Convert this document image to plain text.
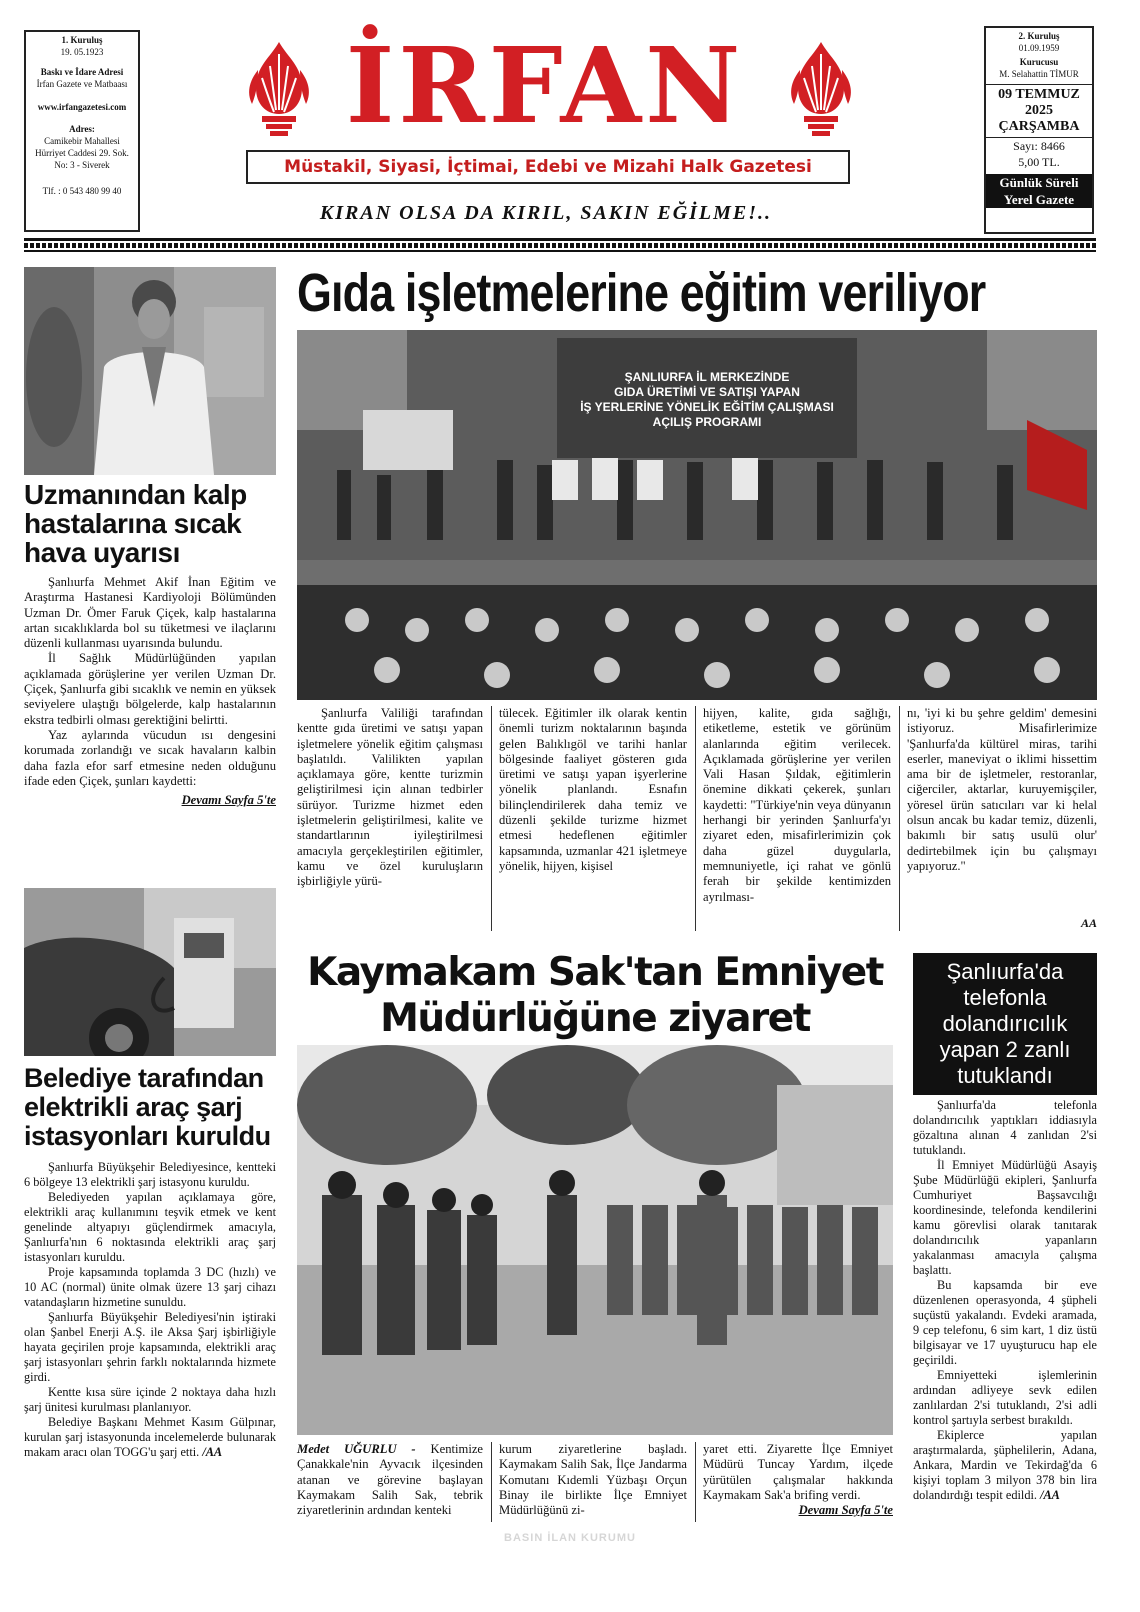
1. Kuruluş
19. 05.1923
Baskı ve İdare Adresi
İrfan Gazete ve Matbaası
www.irfangazetesi.com
Adres:
Camikebir Mahallesi
Hürriyet Caddesi 29. Sok.
No: 3 - Siverek
Tlf. : 0 543 480 99 40
İRFAN
Müstakil, Siyasi, İçtimai, Edebi ve Mizahi Halk Gazetesi
KIRAN OLSA DA KIRIL, SAKIN EĞİLME!..
2. Kuruluş
01.09.1959
Kurucusu
M. Selahattin TİMUR
09 TEMMUZ
2025
ÇARŞAMBA
Sayı: 8466
5,00 TL.
Günlük Süreli
Yerel Gazete
Uzmanından kalp hastalarına sıcak hava uyarısı

Şanlıurfa Mehmet Akif İnan Eğitim ve Araştırma Hastanesi Kardiyoloji Bölümünden Uzman Dr. Ömer Faruk Çiçek, kalp hastalarına artan sıcaklıklarda bol su tüketmesi ve ilaçlarını düzenli kullanması uyarısında bulundu.

İl Sağlık Müdürlüğünden yapılan açıklamada görüşlerine yer verilen Uzman Dr. Çiçek, Şanlıurfa gibi sıcaklık ve nemin en yüksek seviyelere ulaştığı bölgelerde, kalp hastalarının ekstra tedbirli olması gerektiğini belirtti.

Yaz aylarında vücudun ısı dengesini korumada zorlandığı ve sıcak havaların kalbin daha fazla efor sarf etmesine neden olduğunu ifade eden Çiçek, şunları kaydetti:

Devamı Sayfa 5'te

Belediye tarafından elektrikli araç şarj istasyonları kuruldu

Şanlıurfa Büyükşehir Belediyesince, kentteki 6 bölgeye 13 elektrikli şarj istasyonu kuruldu.

Belediyeden yapılan açıklamaya göre, elektrikli araç kullanımını teşvik etmek ve kent genelinde altyapıyı güçlendirmek amacıyla, Şanlıurfa'nın 6 noktasında elektrikli araç şarj istasyonları kuruldu.

Proje kapsamında toplamda 3 DC (hızlı) ve 10 AC (normal) ünite olmak üzere 13 şarj cihazı vatandaşların hizmetine sunuldu.

Şanlıurfa Büyükşehir Belediyesi'nin iştiraki olan Şanbel Enerji A.Ş. ile Aksa Şarj işbirliğiyle hayata geçirilen proje kapsamında, elektrikli araç şarj istasyonları şehrin farklı noktalarında hizmete girdi.

Kentte kısa süre içinde 2 noktaya daha hızlı şarj ünitesi kurulması planlanıyor.

Belediye Başkanı Mehmet Kasım Gülpınar, kurulan şarj istasyonunda incelemelerde bulunarak makam aracı olan TOGG'u şarj etti. /AA

Gıda işletmelerine eğitim veriliyor
ŞANLIURFA İL MERKEZİNDE
GIDA ÜRETİMİ VE SATIŞI YAPAN
İŞ YERLERİNE YÖNELİK EĞİTİM ÇALIŞMASI
AÇILIŞ PROGRAMI

Şanlıurfa Valiliği tarafından kentte gıda üretimi ve satışı yapan işletmelere yönelik eğitim çalışması başlatıldı. Valilikten yapılan açıklamaya göre, kentte turizmin geliştirilmesi için alınan tedbirler sürüyor. Turizme hizmet eden işletmelerin geliştirilmesi, kalite ve standartlarının iyileştirilmesi amacıyla gerçekleştirilen eğitimler, kamu ve özel kuruluşların işbirliğiyle yürü-

tülecek. Eğitimler ilk olarak kentin önemli turizm noktalarının başında gelen Balıklıgöl ve tarihi hanlar bölgesinde faaliyet gösteren gıda üretimi ve satışı yapan işyerlerine yönelik planlandı. Esnafın bilinçlendirilerek daha temiz ve düzenli şekilde turizme hizmet etmesi hedeflenen eğitimler kapsamında, uzmanlar 421 işletmeye yönelik, hijyen, kişisel

hijyen, kalite, gıda sağlığı, etiketleme, estetik ve görünüm alanlarında eğitim verilecek. Açıklamada görüşlerine yer verilen Vali Hasan Şıldak, eğitimlerin önemine dikkati çekerek, şunları kaydetti: "Türkiye'nin veya dünyanın herhangi bir yerinden Şanlıurfa'yı ziyaret eden, misafirlerimizin çok daha güzel duygularla, memnuniyetle, içi rahat ve gönlü ferah bir şekilde kentimizden ayrılması-

nı, 'iyi ki bu şehre geldim' demesini istiyoruz. Misafirlerimize 'Şanlıurfa'da kültürel miras, tarihi eserler, maneviyat o iklimi hissettim ama bir de işletmeler, restoranlar, ciğerciler, aktarlar, kuruyemişçiler, yöresel ürün satıcıları var ki helal olsun ancak bu kadar temiz, düzenli, bakımlı bir satış usulü olur' dedirtebilmek için bu çalışmayı yapıyoruz."

AA
Kaymakam Sak'tan Emniyet
Müdürlüğüne ziyaret

Medet UĞURLU - Kentimize Çanakkale'nin Ayvacık ilçesinden atanan ve görevine başlayan Kaymakam Salih Sak, tebrik ziyaretlerinin ardından kenteki

kurum ziyaretlerine başladı. Kaymakam Salih Sak, İlçe Jandarma Komutanı Kıdemli Yüzbaşı Orçun Binay ile birlikte İlçe Emniyet Müdürlüğünü zi-

yaret etti. Ziyarette İlçe Emniyet Müdürü Tuncay Yardım, ilçede yürütülen çalışmalar hakkında Kaymakam Sak'a brifing verdi.

Devamı Sayfa 5'te

Şanlıurfa'da telefonla dolandırıcılık yapan 2 zanlı tutuklandı

Şanlıurfa'da telefonla dolandırıcılık yaptıkları iddiasıyla gözaltına alınan 4 zanlıdan 2'si tutuklandı.

İl Emniyet Müdürlüğü Asayiş Şube Müdürlüğü ekipleri, Şanlıurfa Cumhuriyet Başsavcılığı koordinesinde, telefonda kendilerini kamu görevlisi olarak tanıtarak dolandırıcılık yapanların yakalanması amacıyla çalışma başlattı.

Bu kapsamda bir eve düzenlenen operasyonda, 4 şüpheli suçüstü yakalandı. Evdeki aramada, 9 cep telefonu, 6 sim kart, 1 diz üstü bilgisayar ve 17 uyuşturucu hap ele geçirildi.

Emniyetteki işlemlerinin ardından adliyeye sevk edilen zanlılardan 2'si tutuklandı, 2'si adli kontrol şartıyla serbest bırakıldı.

Ekiplerce yapılan araştırmalarda, şüphelilerin, Adana, Ankara, Mardin ve Tekirdağ'da 6 kişiyi toplam 3 milyon 378 bin lira dolandırdığı tespit edildi. /AA

BASIN İLAN KURUMU
